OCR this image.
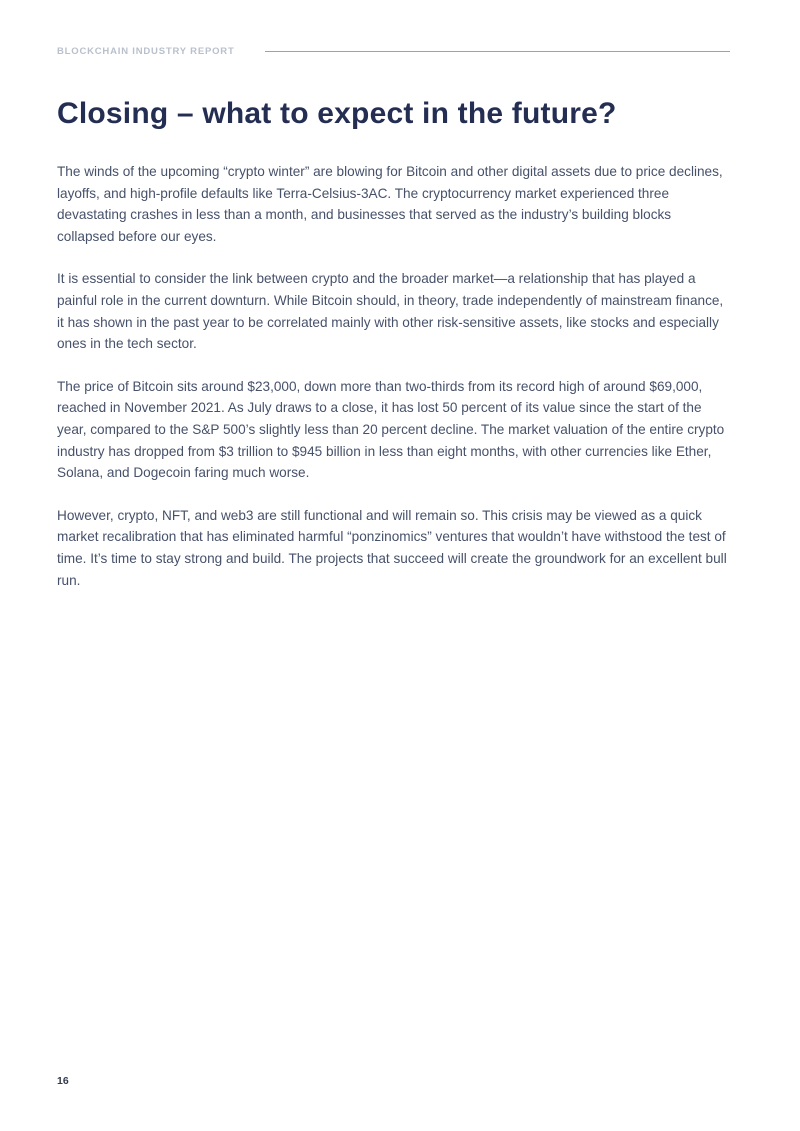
BLOCKCHAIN INDUSTRY REPORT
Closing – what to expect in the future?

The winds of the upcoming “crypto winter” are blowing for Bitcoin and other digital assets due to price declines, layoffs, and high-profile defaults like Terra-Celsius-3AC. The cryptocurrency market experienced three devastating crashes in less than a month, and businesses that served as the industry’s building blocks collapsed before our eyes.

It is essential to consider the link between crypto and the broader market—a relationship that has played a painful role in the current downturn. While Bitcoin should, in theory, trade independently of mainstream finance, it has shown in the past year to be correlated mainly with other risk-sensitive assets, like stocks and especially ones in the tech sector.

The price of Bitcoin sits around $23,000, down more than two-thirds from its record high of around $69,000, reached in November 2021. As July draws to a close, it has lost 50 percent of its value since the start of the year, compared to the S&P 500’s slightly less than 20 percent decline. The market valuation of the entire crypto industry has dropped from $3 trillion to $945 billion in less than eight months, with other currencies like Ether, Solana, and Dogecoin faring much worse.

However, crypto, NFT, and web3 are still functional and will remain so. This crisis may be viewed as a quick market recalibration that has eliminated harmful “ponzinomics” ventures that wouldn’t have withstood the test of time. It’s time to stay strong and build. The projects that succeed will create the groundwork for an excellent bull run.

16
